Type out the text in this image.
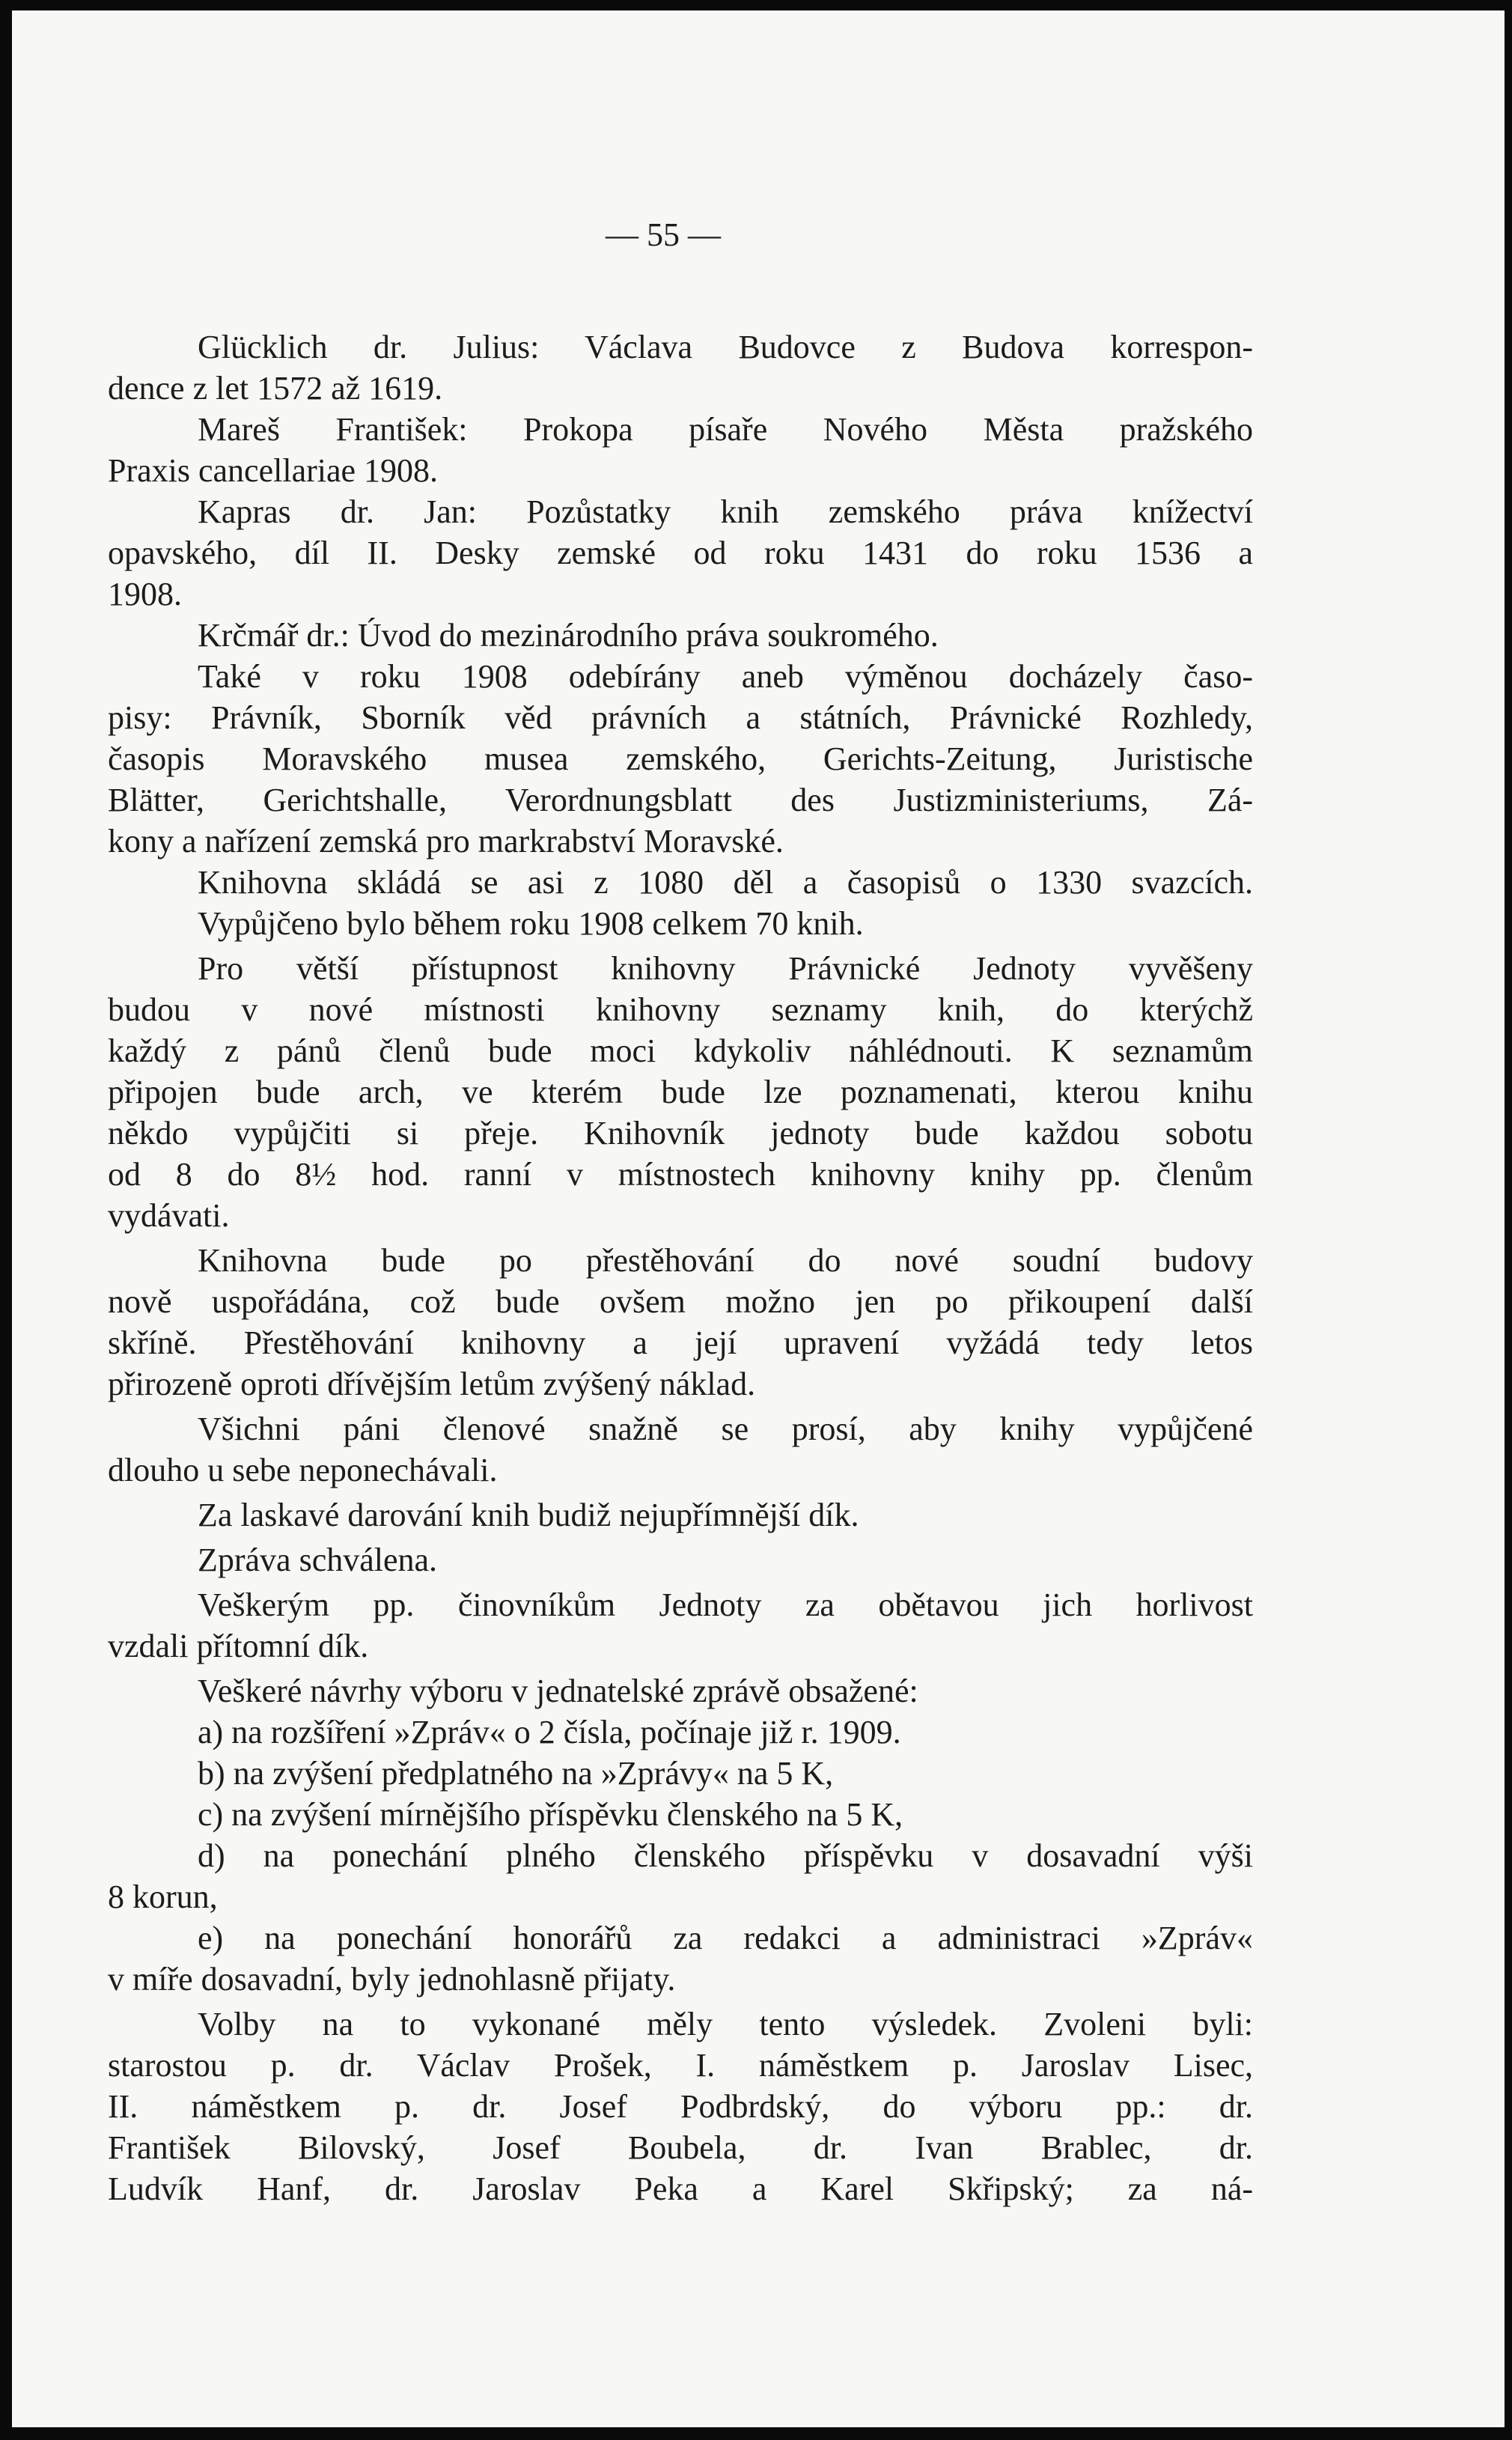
— 55 —
Glücklich dr. Julius: Václava Budovce z Budova korrespon-
dence z let 1572 až 1619.
Mareš František: Prokopa písaře Nového Města pražského
Praxis cancellariae 1908.
Kapras dr. Jan: Pozůstatky knih zemského práva knížectví
opavského, díl II. Desky zemské od roku 1431 do roku 1536 a
1908.
Krčmář dr.: Úvod do mezinárodního práva soukromého.
Také v roku 1908 odebírány aneb výměnou docházely časo-
pisy: Právník, Sborník věd právních a státních, Právnické Rozhledy,
časopis Moravského musea zemského, Gerichts-Zeitung, Juristische
Blätter, Gerichtshalle, Verordnungsblatt des Justizministeriums, Zá-
kony a nařízení zemská pro markrabství Moravské.
Knihovna skládá se asi z 1080 děl a časopisů o 1330 svazcích.
Vypůjčeno bylo během roku 1908 celkem 70 knih.
Pro větší přístupnost knihovny Právnické Jednoty vyvěšeny
budou v nové místnosti knihovny seznamy knih, do kterýchž
každý z pánů členů bude moci kdykoliv náhlédnouti. K seznamům
připojen bude arch, ve kterém bude lze poznamenati, kterou knihu
někdo vypůjčiti si přeje. Knihovník jednoty bude každou sobotu
od 8 do 8½ hod. ranní v místnostech knihovny knihy pp. členům
vydávati.
Knihovna bude po přestěhování do nové soudní budovy
nově uspořádána, což bude ovšem možno jen po přikoupení další
skříně. Přestěhování knihovny a její upravení vyžádá tedy letos
přirozeně oproti dřívějším letům zvýšený náklad.
Všichni páni členové snažně se prosí, aby knihy vypůjčené
dlouho u sebe neponechávali.
Za laskavé darování knih budiž nejupřímnější dík.
Zpráva schválena.
Veškerým pp. činovníkům Jednoty za obětavou jich horlivost
vzdali přítomní dík.
Veškeré návrhy výboru v jednatelské zprávě obsažené:
a) na rozšíření »Zpráv« o 2 čísla, počínaje již r. 1909.
b) na zvýšení předplatného na »Zprávy« na 5 K,
c) na zvýšení mírnějšího příspěvku členského na 5 K,
d) na ponechání plného členského příspěvku v dosavadní výši
8 korun,
e) na ponechání honorářů za redakci a administraci »Zpráv«
v míře dosavadní, byly jednohlasně přijaty.
Volby na to vykonané měly tento výsledek. Zvoleni byli:
starostou p. dr. Václav Prošek, I. náměstkem p. Jaroslav Lisec,
II. náměstkem p. dr. Josef Podbrdský, do výboru pp.: dr.
František Bilovský, Josef Boubela, dr. Ivan Brablec, dr.
Ludvík Hanf, dr. Jaroslav Peka a Karel Skřipský; za ná-
